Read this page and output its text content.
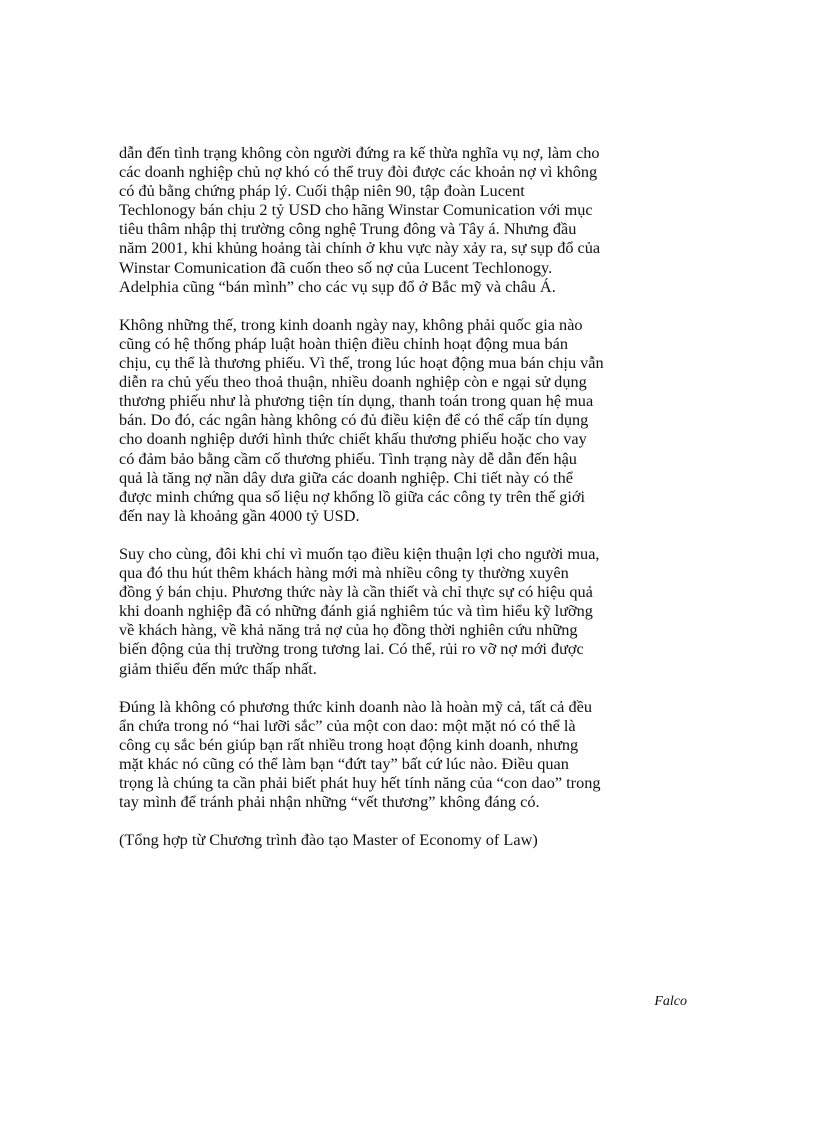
dẫn đến tình trạng không còn người đứng ra kế thừa nghĩa vụ nợ, làm cho
các doanh nghiệp chủ nợ khó có thể truy đòi được các khoản nợ vì không
có đủ bằng chứng pháp lý. Cuối thập niên 90, tập đoàn Lucent
Techlonogy bán chịu 2 tỷ USD cho hãng Winstar Comunication với mục
tiêu thâm nhập thị trường công nghệ Trung đông và Tây á. Nhưng đầu
năm 2001, khi khủng hoảng tài chính ở khu vực này xảy ra, sự sụp đổ của
Winstar Comunication đã cuốn theo số nợ của Lucent Techlonogy.
Adelphia cũng “bán mình” cho các vụ sụp đổ ở Bắc mỹ và châu Á.

Không những thế, trong kinh doanh ngày nay, không phải quốc gia nào
cũng có hệ thống pháp luật hoàn thiện điều chỉnh hoạt động mua bán
chịu, cụ thể là thương phiếu. Vì thế, trong lúc hoạt động mua bán chịu vẫn
diễn ra chủ yếu theo thoả thuận, nhiều doanh nghiệp còn e ngại sử dụng
thương phiếu như là phương tiện tín dụng, thanh toán trong quan hệ mua
bán. Do đó, các ngân hàng không có đủ điều kiện để có thể cấp tín dụng
cho doanh nghiệp dưới hình thức chiết khấu thương phiếu hoặc cho vay
có đảm bảo bằng cầm cố thương phiếu. Tình trạng này dễ dẫn đến hậu
quả là tăng nợ nần dây dưa giữa các doanh nghiệp. Chi tiết này có thể
được minh chứng qua số liệu nợ khổng lồ giữa các công ty trên thế giới
đến nay là khoảng gần 4000 tỷ USD.

Suy cho cùng, đôi khi chỉ vì muốn tạo điều kiện thuận lợi cho người mua,
qua đó thu hút thêm khách hàng mới mà nhiều công ty thường xuyên
đồng ý bán chịu. Phương thức này là cần thiết và chỉ thực sự có hiệu quả
khi doanh nghiệp đã có những đánh giá nghiêm túc và tìm hiểu kỹ lưỡng
về khách hàng, về khả năng trả nợ của họ đồng thời nghiên cứu những
biến động của thị trường trong tương lai. Có thể, rủi ro vỡ nợ mới được
giảm thiểu đến mức thấp nhất.

Đúng là không có phương thức kinh doanh nào là hoàn mỹ cả, tất cả đều
ẩn chứa trong nó “hai lưỡi sắc” của một con dao: một mặt nó có thể là
công cụ sắc bén giúp bạn rất nhiều trong hoạt động kinh doanh, nhưng
mặt khác nó cũng có thể làm bạn “đứt tay” bất cứ lúc nào. Điều quan
trọng là chúng ta cần phải biết phát huy hết tính năng của “con dao” trong
tay mình để tránh phải nhận những “vết thương” không đáng có.

(Tổng hợp từ Chương trình đào tạo Master of Economy of Law)

Falco
